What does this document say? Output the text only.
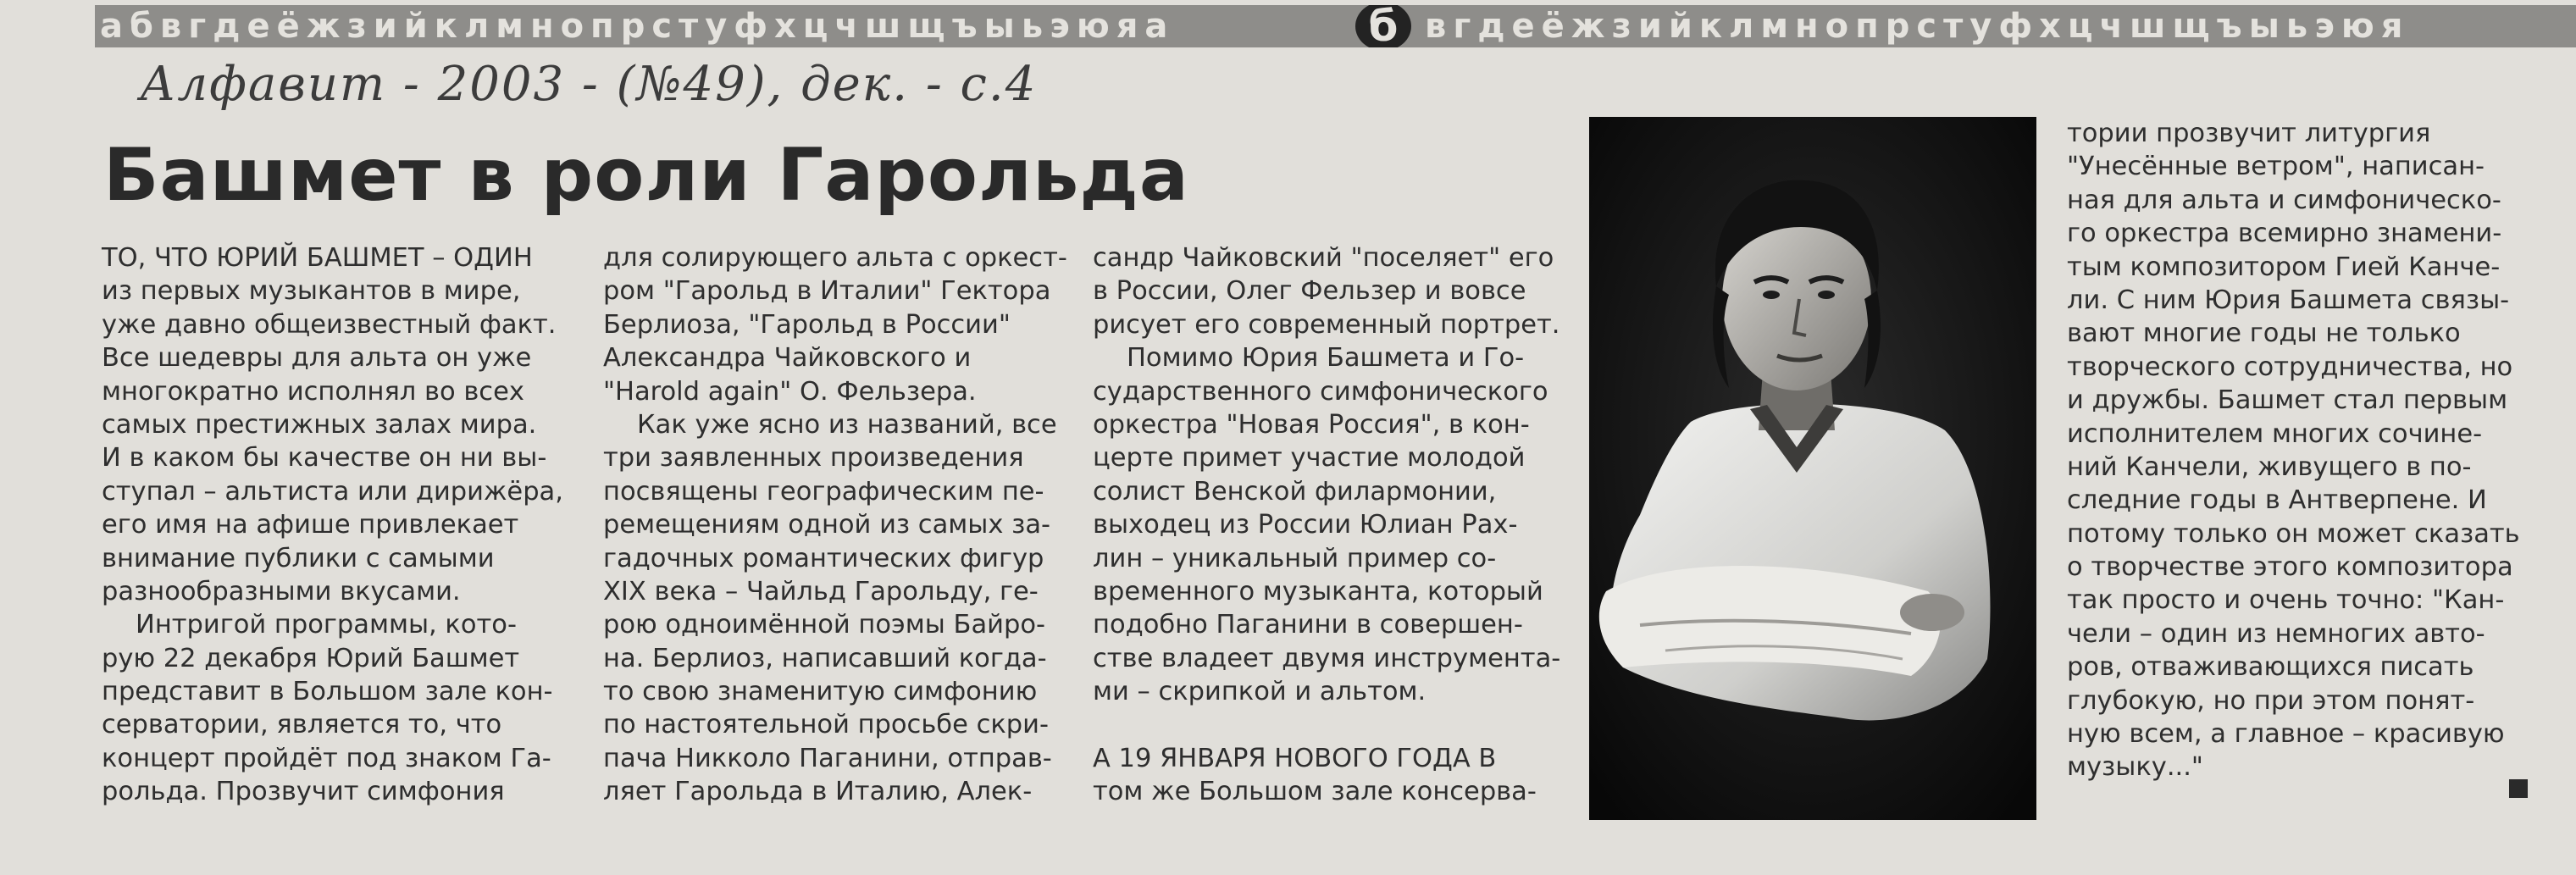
абвгдеёжзийклмнопрстуфхцчшщъыьэюяа	б вгдеёжзийклмнопрстуфхцчшщъыьэюя
Алфавит - 2003 - (№49), дек. - с.4
Башмет в роли Гарольда
ТО, ЧТО ЮРИЙ БАШМЕТ – ОДИН
из первых музыкантов в мире,
уже давно общеизвестный факт.
Все шедевры для альта он уже
многократно исполнял во всех
самых престижных залах мира.
И в каком бы качестве он ни вы-
ступал – альтиста или дирижёра,
его имя на афише привлекает
внимание публики с самыми
разнообразными вкусами.
Интригой программы, кото-
рую 22 декабря Юрий Башмет
представит в Большом зале кон-
серватории, является то, что
концерт пройдёт под знаком Га-
рольда. Прозвучит симфония
для солирующего альта с оркест-
ром "Гарольд в Италии" Гектора
Берлиоза, "Гарольд в России"
Александра Чайковского и
"Harold again" О. Фельзера.
Как уже ясно из названий, все
три заявленных произведения
посвящены географическим пе-
ремещениям одной из самых за-
гадочных романтических фигур
XIX века – Чайльд Гарольду, ге-
рою одноимённой поэмы Байро-
на. Берлиоз, написавший когда-
то свою знаменитую симфонию
по настоятельной просьбе скри-
пача Никколо Паганини, отправ-
ляет Гарольда в Италию, Алек-
сандр Чайковский "поселяет" его
в России, Олег Фельзер и вовсе
рисует его современный портрет.
Помимо Юрия Башмета и Го-
сударственного симфонического
оркестра "Новая Россия", в кон-
церте примет участие молодой
солист Венской филармонии,
выходец из России Юлиан Рах-
лин – уникальный пример со-
временного музыканта, который
подобно Паганини в совершен-
стве владеет двумя инструмента-
ми – скрипкой и альтом.
А 19 ЯНВАРЯ НОВОГО ГОДА В
том же Большом зале консерва-
тории прозвучит литургия
"Унесённые ветром", написан-
ная для альта и симфоническо-
го оркестра всемирно знамени-
тым композитором Гией Канче-
ли. С ним Юрия Башмета связы-
вают многие годы не только
творческого сотрудничества, но
и дружбы. Башмет стал первым
исполнителем многих сочине-
ний Канчели, живущего в по-
следние годы в Антверпене. И
потому только он может сказать
о творчестве этого композитора
так просто и очень точно: "Кан-
чели – один из немногих авто-
ров, отваживающихся писать
глубокую, но при этом понят-
ную всем, а главное – красивую
музыку..."
